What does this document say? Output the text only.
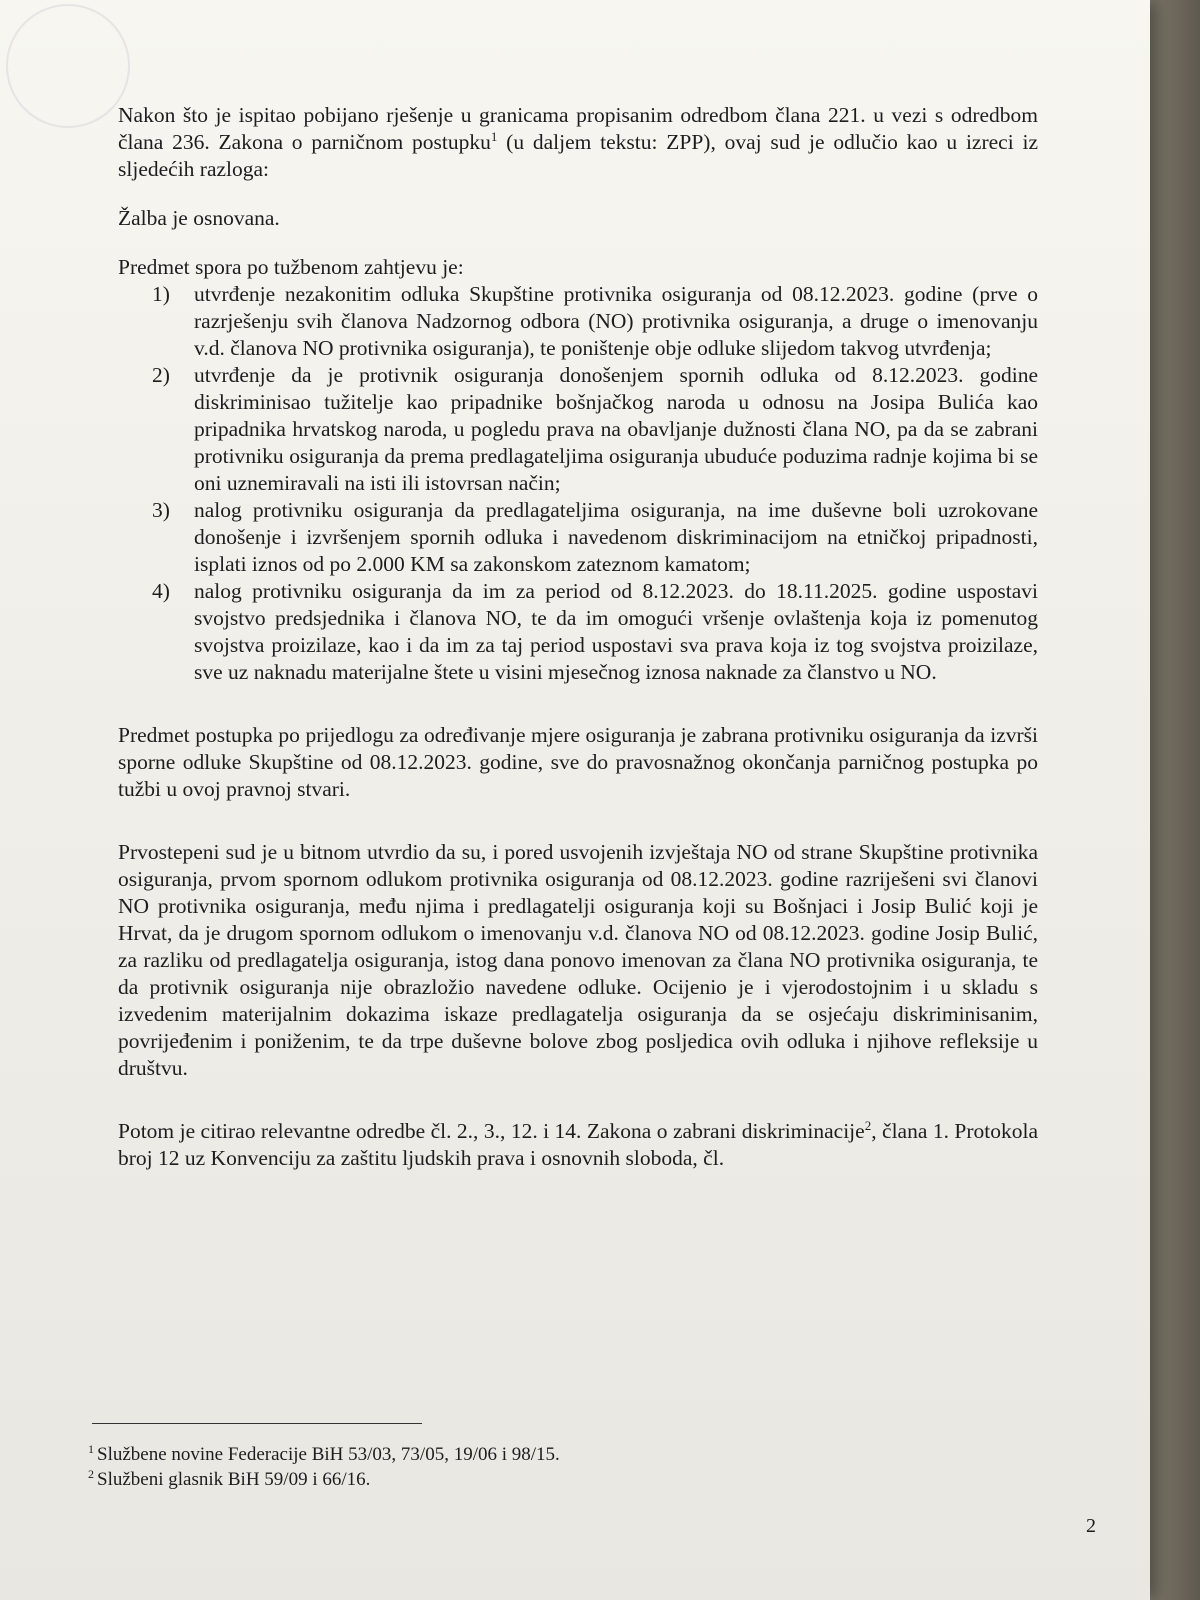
Nakon što je ispitao pobijano rješenje u granicama propisanim odredbom člana 221. u vezi s odredbom člana 236. Zakona o parničnom postupku$^1$ (u daljem tekstu: ZPP), ovaj sud je odlučio kao u izreci iz sljedećih razloga:

Žalba je osnovana.

Predmet spora po tužbenom zahtjevu je:

1)	utvrđenje nezakonitim odluka Skupštine protivnika osiguranja od 08.12.2023. godine (prve o razrješenju svih članova Nadzornog odbora (NO) protivnika osiguranja, a druge o imenovanju v.d. članova NO protivnika osiguranja), te poništenje obje odluke slijedom takvog utvrđenja;
2)	utvrđenje da je protivnik osiguranja donošenjem spornih odluka od 8.12.2023. godine diskriminisao tužitelje kao pripadnike bošnjačkog naroda u odnosu na Josipa Bulića kao pripadnika hrvatskog naroda, u pogledu prava na obavljanje dužnosti člana NO, pa da se zabrani protivniku osiguranja da prema predlagateljima osiguranja ubuduće poduzima radnje kojima bi se oni uznemiravali na isti ili istovrsan način;
3)	nalog protivniku osiguranja da predlagateljima osiguranja, na ime duševne boli uzrokovane donošenje i izvršenjem spornih odluka i navedenom diskriminacijom na etničkoj pripadnosti, isplati iznos od po 2.000 KM sa zakonskom zateznom kamatom;
4)	nalog protivniku osiguranja da im za period od 8.12.2023. do 18.11.2025. godine uspostavi svojstvo predsjednika i članova NO, te da im omogući vršenje ovlaštenja koja iz pomenutog svojstva proizilaze, kao i da im za taj period uspostavi sva prava koja iz tog svojstva proizilaze, sve uz naknadu materijalne štete u visini mjesečnog iznosa naknade za članstvo u NO.

Predmet postupka po prijedlogu za određivanje mjere osiguranja je zabrana protivniku osiguranja da izvrši sporne odluke Skupštine od 08.12.2023. godine, sve do pravosnažnog okončanja parničnog postupka po tužbi u ovoj pravnoj stvari.

Prvostepeni sud je u bitnom utvrdio da su, i pored usvojenih izvještaja NO od strane Skupštine protivnika osiguranja, prvom spornom odlukom protivnika osiguranja od 08.12.2023. godine razriješeni svi članovi NO protivnika osiguranja, među njima i predlagatelji osiguranja koji su Bošnjaci i Josip Bulić koji je Hrvat, da je drugom spornom odlukom o imenovanju v.d. članova NO od 08.12.2023. godine Josip Bulić, za razliku od predlagatelja osiguranja, istog dana ponovo imenovan za člana NO protivnika osiguranja, te da protivnik osiguranja nije obrazložio navedene odluke. Ocijenio je i vjerodostojnim i u skladu s izvedenim materijalnim dokazima iskaze predlagatelja osiguranja da se osjećaju diskriminisanim, povrijeđenim i poniženim, te da trpe duševne bolove zbog posljedica ovih odluka i njihove refleksije u društvu.

Potom je citirao relevantne odredbe čl. 2., 3., 12. i 14. Zakona o zabrani diskriminacije$^2$, člana 1. Protokola broj 12 uz Konvenciju za zaštitu ljudskih prava i osnovnih sloboda, čl.

$^1$ Službene novine Federacije BiH 53/03, 73/05, 19/06 i 98/15.
$^2$ Službeni glasnik BiH 59/09 i 66/16.
2
